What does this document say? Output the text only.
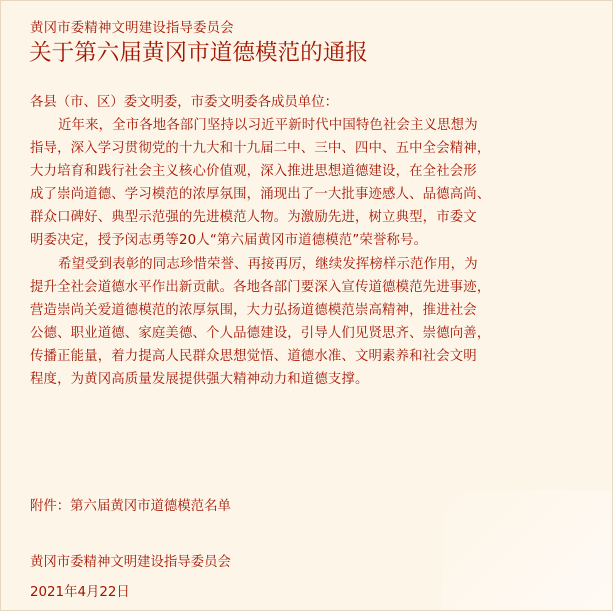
黄冈市委精神文明建设指导委员会
关于第六届黄冈市道德模范的通报
各县（市、区）委文明委，市委文明委各成员单位：
近年来，全市各地各部门坚持以习近平新时代中国特色社会主义思想为
指导，深入学习贯彻党的十九大和十九届二中、三中、四中、五中全会精神，
大力培育和践行社会主义核心价值观，深入推进思想道德建设，在全社会形
成了崇尚道德、学习模范的浓厚氛围，涌现出了一大批事迹感人、品德高尚、
群众口碑好、典型示范强的先进模范人物。为激励先进，树立典型，市委文
明委决定，授予闵志勇等20人“第六届黄冈市道德模范”荣誉称号。
希望受到表彰的同志珍惜荣誉、再接再厉，继续发挥榜样示范作用，为
提升全社会道德水平作出新贡献。各地各部门要深入宣传道德模范先进事迹，
营造崇尚关爱道德模范的浓厚氛围，大力弘扬道德模范崇高精神，推进社会
公德、职业道德、家庭美德、个人品德建设，引导人们见贤思齐、崇德向善，
传播正能量，着力提高人民群众思想觉悟、道德水准、文明素养和社会文明
程度，为黄冈高质量发展提供强大精神动力和道德支撑。
附件：第六届黄冈市道德模范名单
黄冈市委精神文明建设指导委员会
2021年4月22日
